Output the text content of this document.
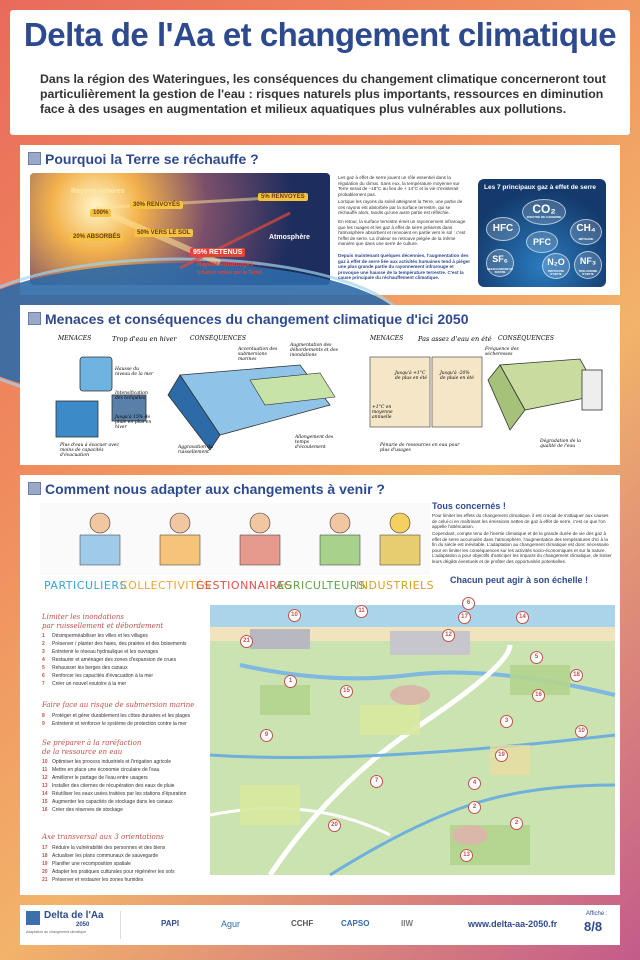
Delta de l'Aa et changement climatique
Dans la région des Wateringues, les conséquences du changement climatique concerneront tout particulièrement la gestion de l'eau : risques naturels plus importants, ressources en diminution face à des usages en augmentation et milieux aquatiques plus vulnérables aux pollutions.
Pourquoi la Terre se réchauffe ?
Rayons solaires
100%
30% RENVOYÉS
20% ABSORBÉS
50% VERS LE SOL
5% RENVOYÉS
95% RETENUS
Rayons infrarouges
(chaleur émise par la Terre)
Atmosphère
Les gaz à effet de serre jouent un rôle essentiel dans la régulation du climat. Sans eux, la température moyenne sur Terre serait de –18°C au lieu de + 14°C et la vie n'existerait probablement pas.
Lorsque les rayons du soleil atteignent la Terre, une partie de ces rayons est absorbée par la surface terrestre, qui se réchauffe alors, tandis qu'une autre partie est réfléchie.
En retour, la surface terrestre émet un rayonnement infrarouge que les nuages et les gaz à effet de serre présents dans l'atmosphère absorbent et renvoient en partie vers le sol : c'est l'effet de serre. La chaleur se retrouve piégée de la même manière que dans une serre de culture.
Depuis maintenant quelques décennies, l'augmentation des gaz à effet de serre liée aux activités humaines tend à piéger une plus grande partie du rayonnement infrarouge et provoque une hausse de la température terrestre. C'est la cause principale du réchauffement climatique.
Les 7 principaux gaz à effet de serre
CO₂
DIOXYDE DE CARBONE
HFC	CH₄
MÉTHANE
PFC
SF₆
HEXAFLUORURE DE SOUFRE
N₂O
PROTOXYDE D'AZOTE
NF₃
TRIFLUORURE D'AZOTE
Menaces et conséquences du changement climatique d'ici 2050
MENACES	Trop d'eau en hiver CONSÉQUENCES
Hausse du niveau de la mer
Intensification des tempêtes
Jusqu'à 15% de pluie en plus en hiver
Plus d'eau à évacuer avec moins de capacités d'évacuation
Accentuation des submersions marines
Augmentation des débordements et des inondations
Aggravation du ruissellement
Allongement des temps d'écoulement
MENACES Pas assez d'eau en été CONSÉQUENCES
Jusqu'à +1°C de plus en été
+1°C en moyenne annuelle
Jusqu'à -20% de pluie en été
Pénurie de ressources en eau pour plus d'usages
Fréquence des sécheresses
Dégradation de la qualité de l'eau
Comment nous adapter aux changements à venir ?
PARTICULIERS
COLLECTIVITÉS
GESTIONNAIRES
AGRICULTEURS
INDUSTRIELS
Tous concernés !
Pour limiter les effets du changement climatique, il est crucial de s'attaquer aux causes de celui-ci en maîtrisant les émissions nettes de gaz à effet de serre, c'est ce que l'on appelle l'atténuation.
Cependant, compte tenu de l'inertie climatique et de la grande durée de vie des gaz à effet de serre accumulés dans l'atmosphère, l'augmentation des températures d'ici à la fin du siècle est inévitable. L'adaptation au changement climatique est donc nécessaire pour en limiter les conséquences sur les activités socio-économiques et sur la nature. L'adaptation a pour objectifs d'anticiper les impacts du changement climatique, de limiter leurs dégâts éventuels et de profiter des opportunités potentielles.
Chacun peut agir à son échelle !
Limiter les inondations
par ruissellement et débordement
1 Désimperméabiliser les villes et les villages
2 Préserver / planter des haies, des prairies et des boisements
3 Entretenir le réseau hydraulique et les ouvrages
4 Restaurer et aménager des zones d'expansion de crues
5 Rehausser les berges des canaux
6 Renforcer les capacités d'évacuation à la mer
7 Créer un nouvel exutoire à la mer
Faire face au risque de submersion marine
8 Protéger et gérer durablement les côtes dunaires et les plages
9 Entretenir et renforcer le système de protection contre la mer
Se préparer à la raréfaction
de la ressource en eau
10 Optimiser les process industriels et l'irrigation agricole
11 Mettre en place une économie circulaire de l'eau
12 Améliorer le partage de l'eau entre usagers
13 Installer des citernes de récupération des eaux de pluie
14 Réutiliser les eaux usées traitées par les stations d'épuration
15 Augmenter les capacités de stockage dans les canaux
16 Créer des réserves de stockage
Axe transversal aux 3 orientations
17 Réduire la vulnérabilité des personnes et des biens
18 Actualiser les plans communaux de sauvegarde
19 Planifier une recomposition spatiale
20 Adapter les pratiques culturales pour régénérer les sols
21 Préserver et restaurer les zones humides
10
11
6
17	14
12
21
5
18
1
15
16
9
3
10
19
4
7
2
20
13
2
Delta de l'Aa
2050
Adaptation au changement climatique
PAPI	Agur	CCHF	CAPSO	IIW	www.delta-aa-2050.fr
Affiche :
8/8
